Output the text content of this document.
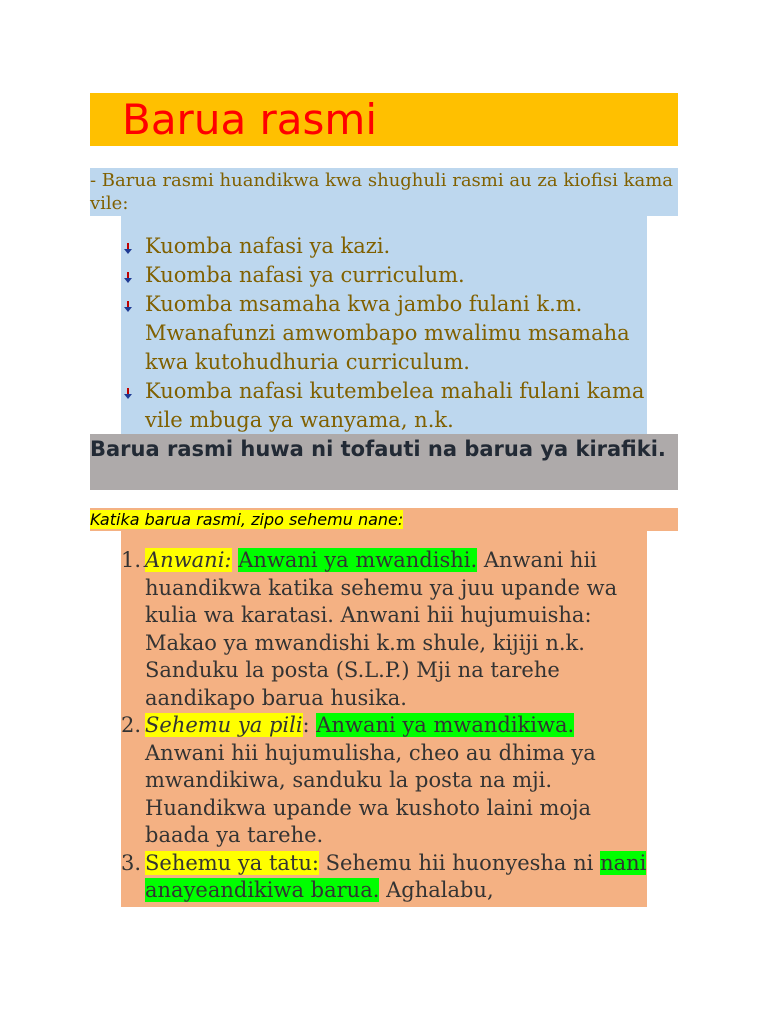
Barua rasmi

- Barua rasmi huandikwa kwa shughuli rasmi au za kiofisi kama vile:

Kuomba nafasi ya kazi.
Kuomba nafasi ya curriculum.
Kuomba msamaha kwa jambo fulani k.m. Mwanafunzi amwombapo mwalimu msamaha kwa kutohudhuria curriculum.
Kuomba nafasi kutembelea mahali fulani kama vile mbuga ya wanyama, n.k.

Barua rasmi huwa ni tofauti na barua ya kirafiki.

Katika barua rasmi, zipo sehemu nane:
1. Anwani: Anwani ya mwandishi. Anwani hii huandikwa katika sehemu ya juu upande wa kulia wa karatasi. Anwani hii hujumuisha: Makao ya mwandishi k.m shule, kijiji n.k. Sanduku la posta (S.L.P.) Mji na tarehe aandikapo barua husika.
2. Sehemu ya pili: Anwani ya mwandikiwa. Anwani hii hujumulisha, cheo au dhima ya mwandikiwa, sanduku la posta na mji. Huandikwa upande wa kushoto laini moja baada ya tarehe.
3. Sehemu ya tatu: Sehemu hii huonyesha ni nani anayeandikiwa barua. Aghalabu,
